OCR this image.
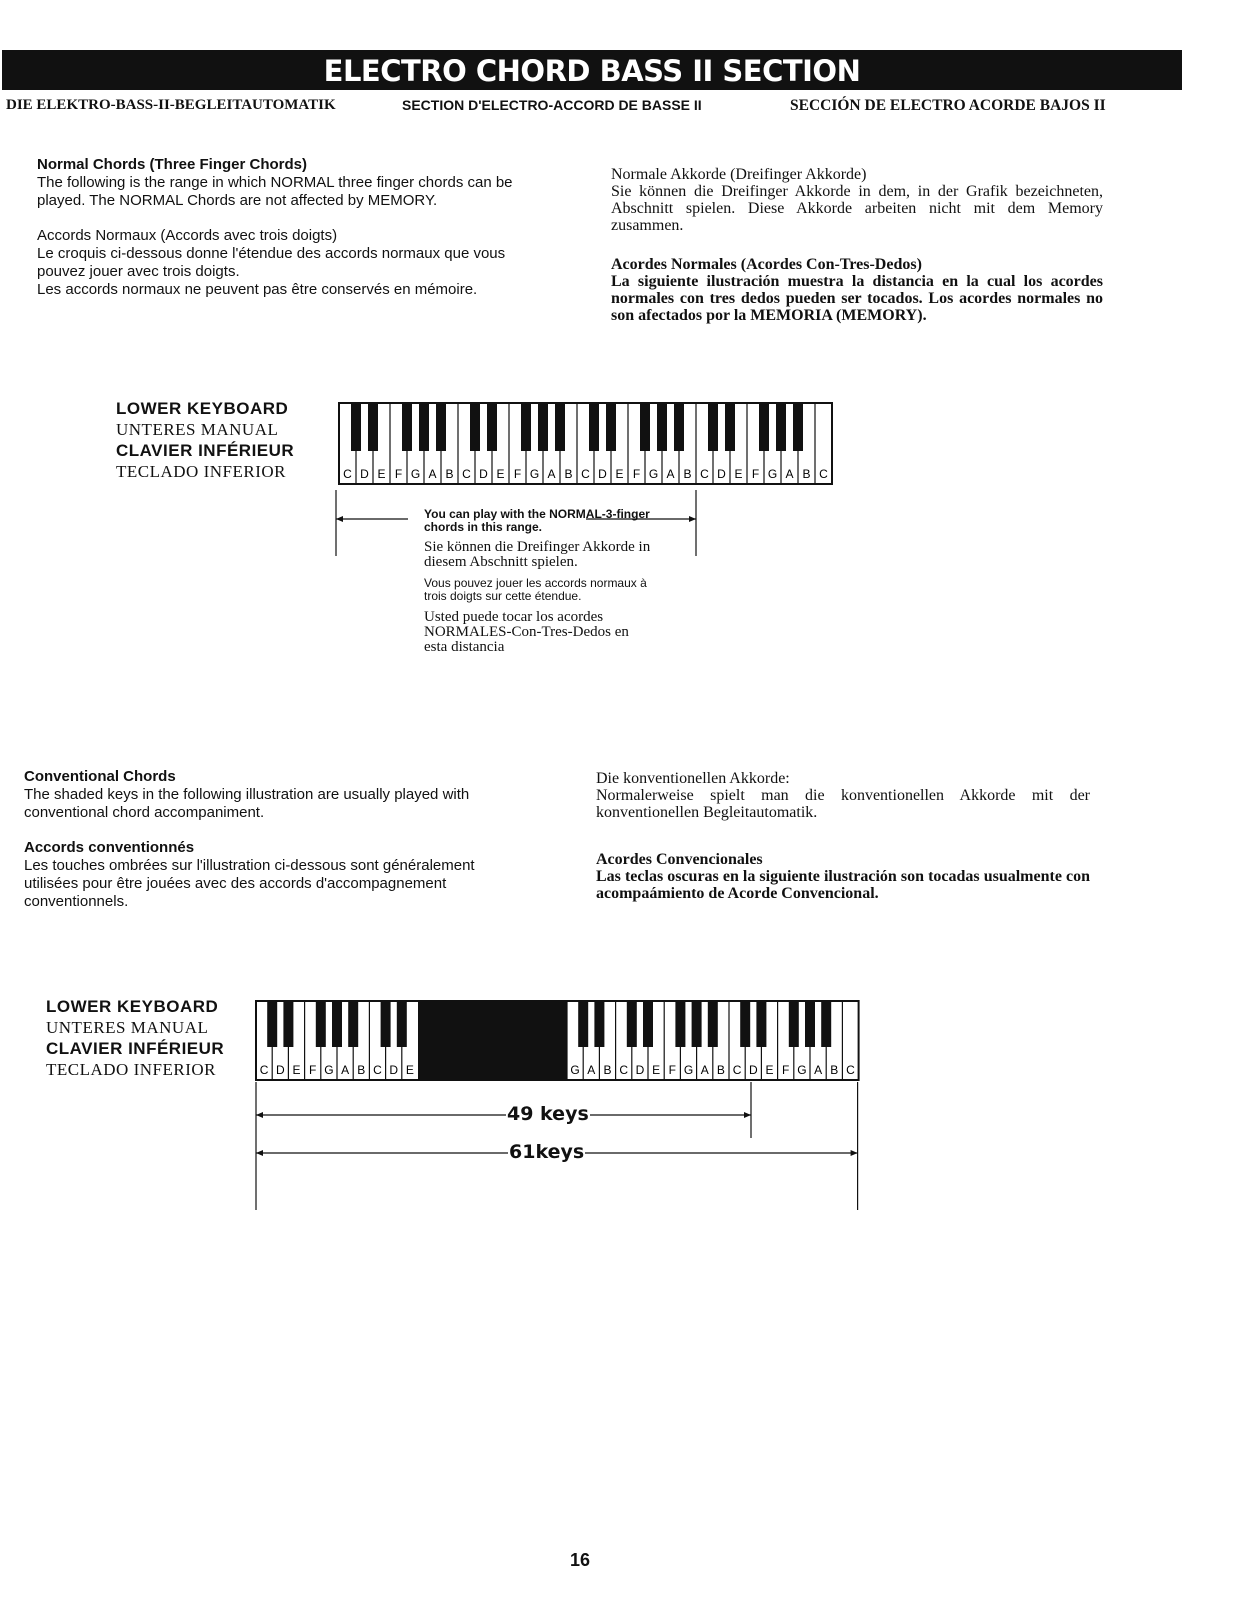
ELECTRO CHORD BASS II SECTION
DIE ELEKTRO-BASS-II-BEGLEITAUTOMATIK	SECTION D'ELECTRO-ACCORD DE BASSE II	SECCIÓN DE ELECTRO ACORDE BAJOS II
Normal Chords (Three Finger Chords)

The following is the range in which NORMAL three finger chords can be played. The NORMAL Chords are not affected by MEMORY.

Accords Normaux (Accords avec trois doigts)

Le croquis ci-dessous donne l'étendue des accords normaux que vous pouvez jouer avec trois doigts.

Les accords normaux ne peuvent pas être conservés en mémoire.

Normale Akkorde (Dreifinger Akkorde)

Sie können die Dreifinger Akkorde in dem, in der Grafik bezeichneten, Abschnitt spielen. Diese Akkorde arbeiten nicht mit dem Memory zusammen.

Acordes Normales (Acordes Con-Tres-Dedos)

La siguiente ilustración muestra la distancia en la cual los acordes normales con tres dedos pueden ser tocados. Los acordes normales no son afectados por la MEMORIA (MEMORY).

LOWER KEYBOARD
UNTERES MANUAL
CLAVIER INFÉRIEUR
TECLADO INFERIOR	C D E F G A B C D E F G A B C D E F G A B C D E F G A B C

You can play with the NORMAL-3-finger chords in this range.

Sie können die Dreifinger Akkorde in diesem Abschnitt spielen.

Vous pouvez jouer les accords normaux à trois doigts sur cette étendue.

Usted puede tocar los acordes NORMALES-Con-Tres-Dedos en esta distancia

Conventional Chords

The shaded keys in the following illustration are usually played with conventional chord accompaniment.

Accords conventionnés

Les touches ombrées sur l'illustration ci-dessous sont généralement utilisées pour être jouées avec des accords d'accompagnement conventionnels.

Die konventionellen Akkorde:

Normalerweise spielt man die konventionellen Akkorde mit der konventionellen Begleitautomatik.

Acordes Convencionales

Las teclas oscuras en la siguiente ilustración son tocadas usualmente con acompaámiento de Acorde Convencional.

LOWER KEYBOARD
UNTERES MANUAL
CLAVIER INFÉRIEUR
TECLADO INFERIOR	C D E F G A B C D E	G A B C D E F G A B C D E F G A B C
49 keys
61keys
16
